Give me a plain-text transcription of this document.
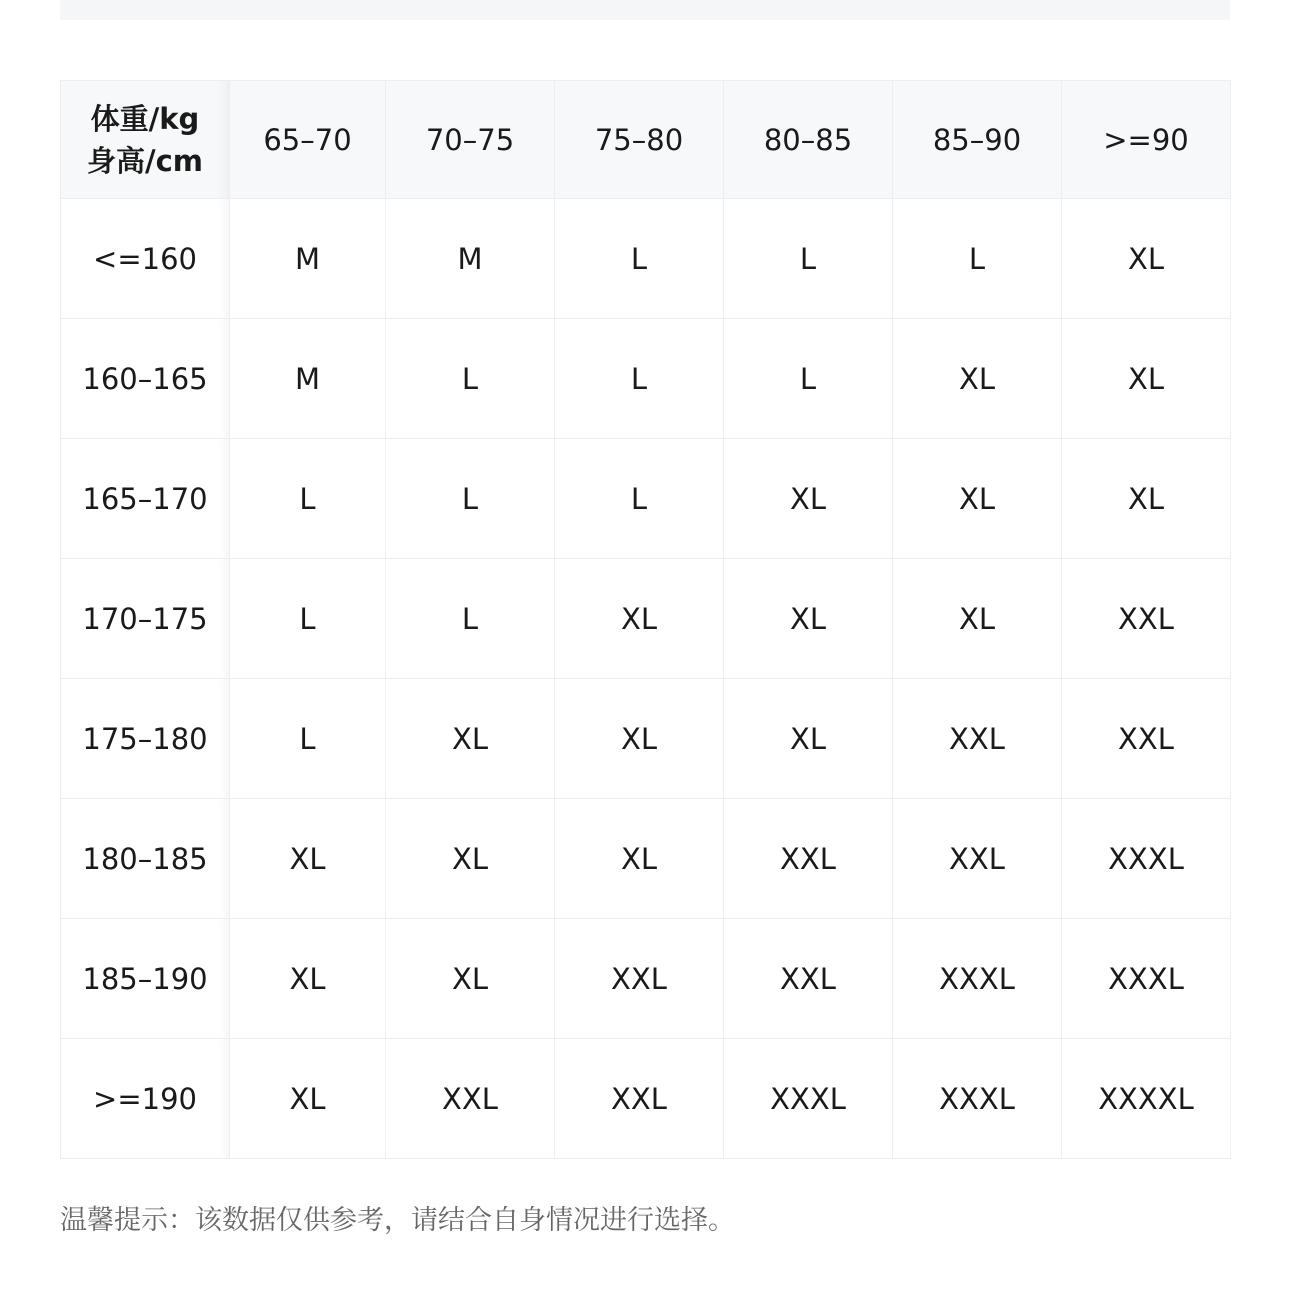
体重/kg
身高/cm	65–70	70–75	75–80	80–85	85–90	>=90
<=160	M	M	L	L	L	XL
160–165	M	L	L	L	XL	XL
165–170	L	L	L	XL	XL	XL
170–175	L	L	XL	XL	XL	XXL
175–180	L	XL	XL	XL	XXL	XXL
180–185	XL	XL	XL	XXL	XXL	XXXL
185–190	XL	XL	XXL	XXL	XXXL	XXXL
>=190	XL	XXL	XXL	XXXL	XXXL	XXXXL
温馨提示：该数据仅供参考，请结合自身情况进行选择。
